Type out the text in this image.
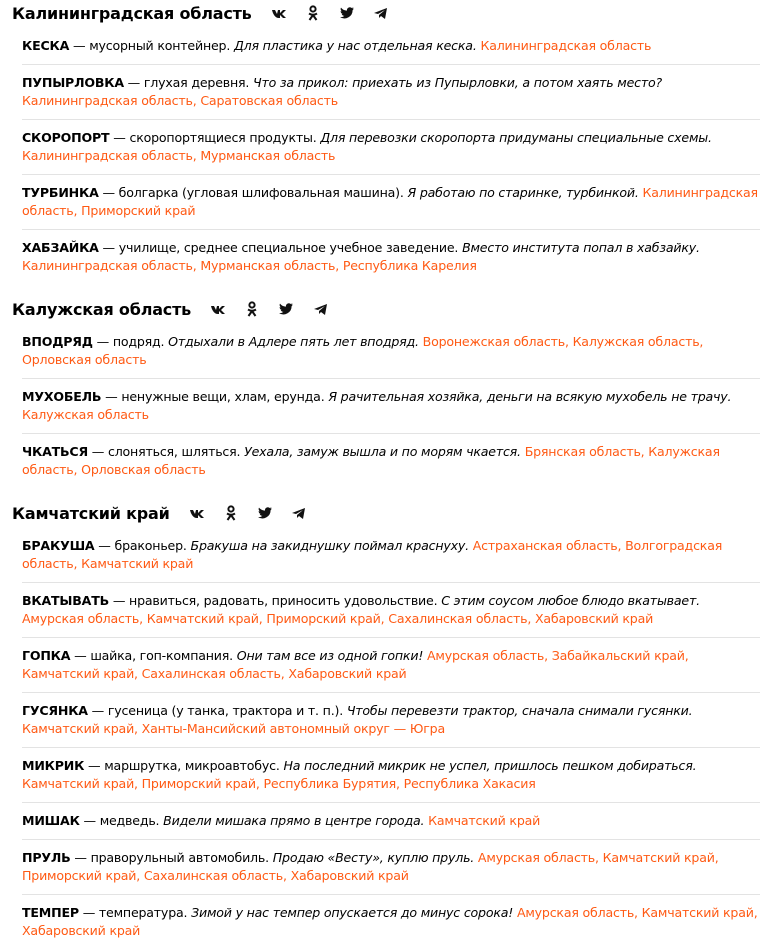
Калининградская область
КЕСКА — мусорный контейнер. Для пластика у нас отдельная кеска. Калининградская область
ПУПЫРЛОВКА — глухая деревня. Что за прикол: приехать из Пупырловки, а потом хаять место? Калининградская область, Саратовская область
СКОРОПОРТ — скоропортящиеся продукты. Для перевозки скоропорта придуманы специальные схемы. Калининградская область, Мурманская область
ТУРБИНКА — болгарка (угловая шлифовальная машина). Я работаю по старинке, турбинкой. Калининградская область, Приморский край
ХАБЗАЙКА — училище, среднее специальное учебное заведение. Вместо института попал в хабзайку. Калининградская область, Мурманская область, Республика Карелия
Калужская область
ВПОДРЯД — подряд. Отдыхали в Адлере пять лет вподряд. Воронежская область, Калужская область, Орловская область
МУХОБЕЛЬ — ненужные вещи, хлам, ерунда. Я рачительная хозяйка, деньги на всякую мухобель не трачу. Калужская область
ЧКАТЬСЯ — слоняться, шляться. Уехала, замуж вышла и по морям чкается. Брянская область, Калужская область, Орловская область
Камчатский край
БРАКУША — браконьер. Бракуша на закиднушку поймал краснуху. Астраханская область, Волгоградская область, Камчатский край
ВКАТЫВАТЬ — нравиться, радовать, приносить удовольствие. С этим соусом любое блюдо вкатывает. Амурская область, Камчатский край, Приморский край, Сахалинская область, Хабаровский край
ГОПКА — шайка, гоп-компания. Они там все из одной гопки! Амурская область, Забайкальский край, Камчатский край, Сахалинская область, Хабаровский край
ГУСЯНКА — гусеница (у танка, трактора и т. п.). Чтобы перевезти трактор, сначала снимали гусянки. Камчатский край, Ханты-Мансийский автономный округ — Югра
МИКРИК — маршрутка, микроавтобус. На последний микрик не успел, пришлось пешком добираться. Камчатский край, Приморский край, Республика Бурятия, Республика Хакасия
МИШАК — медведь. Видели мишака прямо в центре города. Камчатский край
ПРУЛЬ — праворульный автомобиль. Продаю «Весту», куплю пруль. Амурская область, Камчатский край, Приморский край, Сахалинская область, Хабаровский край
ТЕМПЕР — температура. Зимой у нас темпер опускается до минус сорока! Амурская область, Камчатский край, Хабаровский край
